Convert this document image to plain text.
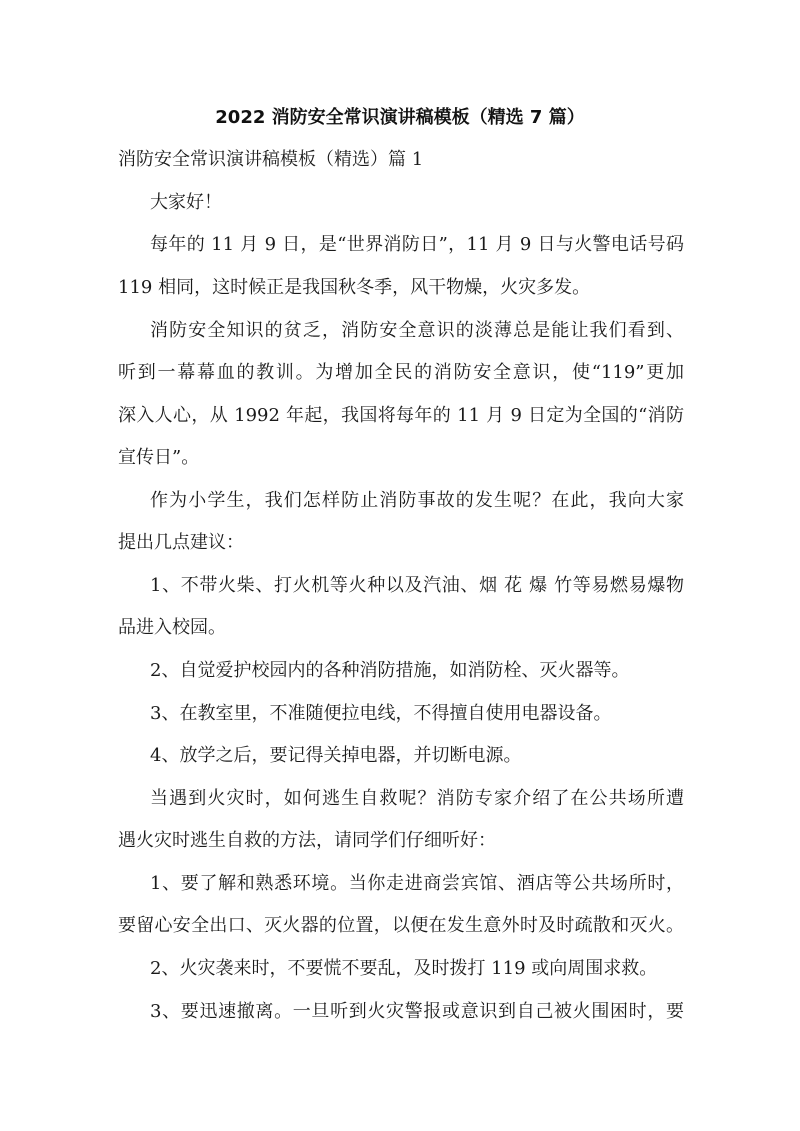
2022 消防安全常识演讲稿模板（精选 7 篇）
消防安全常识演讲稿模板（精选）篇 1
大家好！
每年的 11 月 9 日，是“世界消防日”，11 月 9 日与火警电话号码
119 相同，这时候正是我国秋冬季，风干物燥，火灾多发。
消防安全知识的贫乏，消防安全意识的淡薄总是能让我们看到、
听到一幕幕血的教训。为增加全民的消防安全意识，使“119”更加
深入人心，从 1992 年起，我国将每年的 11 月 9 日定为全国的“消防
宣传日”。
作为小学生，我们怎样防止消防事故的发生呢？在此，我向大家
提出几点建议：
1、不带火柴、打火机等火种以及汽油、烟 花 爆 竹等易燃易爆物
品进入校园。
2、自觉爱护校园内的各种消防措施，如消防栓、灭火器等。
3、在教室里，不准随便拉电线，不得擅自使用电器设备。
4、放学之后，要记得关掉电器，并切断电源。
当遇到火灾时，如何逃生自救呢？消防专家介绍了在公共场所遭
遇火灾时逃生自救的方法，请同学们仔细听好：
1、要了解和熟悉环境。当你走进商尝宾馆、酒店等公共场所时，
要留心安全出口、灭火器的位置，以便在发生意外时及时疏散和灭火。
2、火灾袭来时，不要慌不要乱，及时拨打 119 或向周围求救。
3、要迅速撤离。一旦听到火灾警报或意识到自己被火围困时，要
